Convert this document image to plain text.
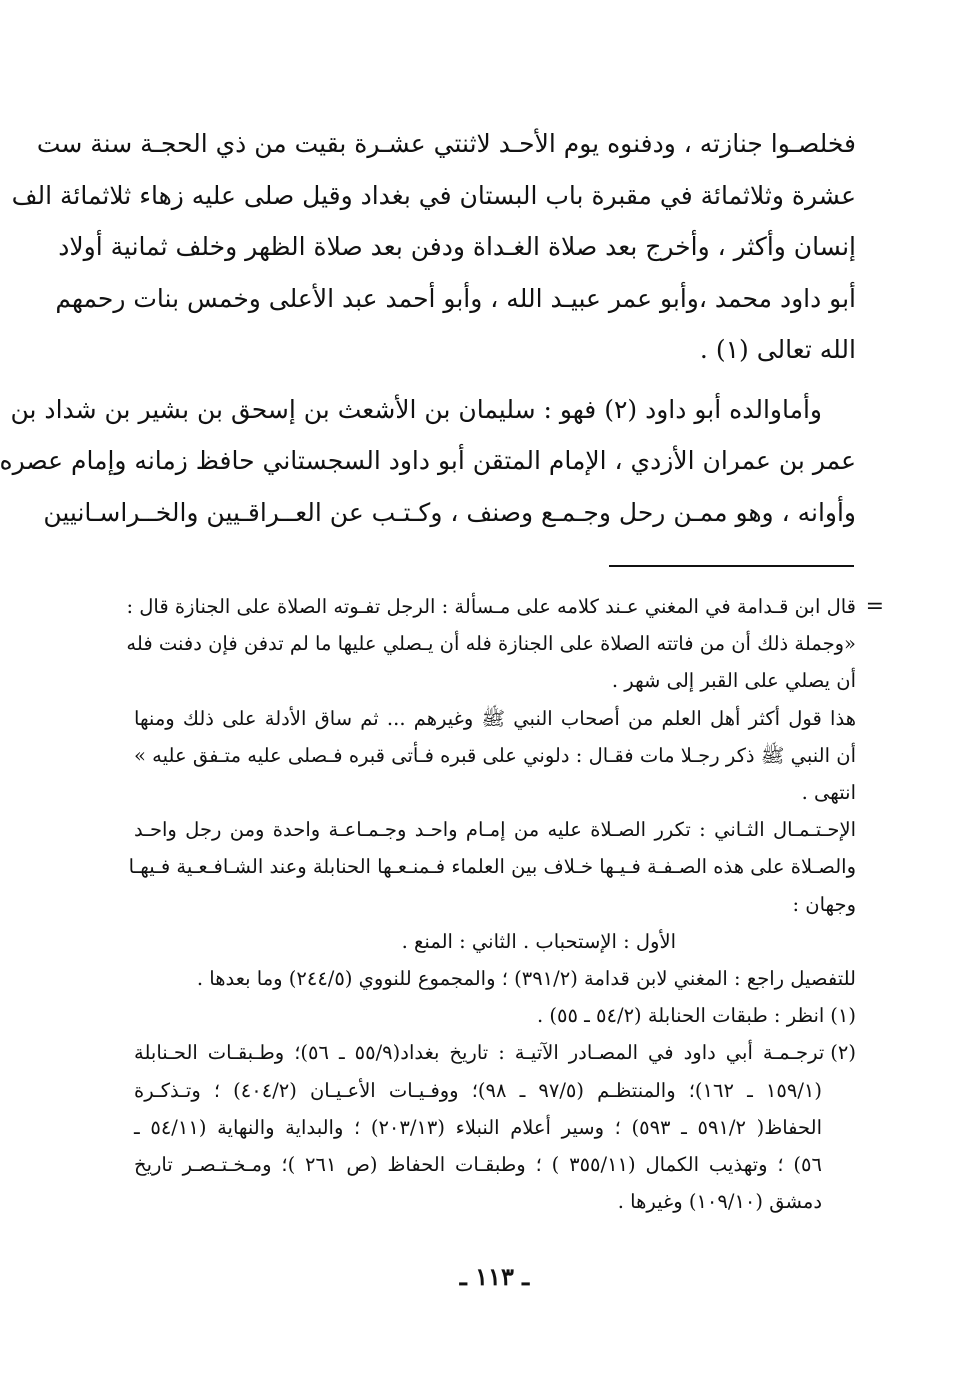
فخلصـوا جنازته ، ودفنوه يوم الأحـد لاثنتي عشـرة بقيت من ذي الحجـة سنة ست
عشرة وثلاثمائة في مقبرة باب البستان في بغداد وقيل صلى عليه زهاء ثلاثمائة الف
إنسان وأكثر ، وأخرج بعد صلاة الغـداة ودفن بعد صلاة الظهر وخلف ثمانية أولاد
أبو داود محمد ،وأبو عمر عبيـد الله ، وأبو أحمد عبد الأعلى وخمس بنات رحمهم
الله تعالى (١) .

وأماوالده أبو داود (٢) فهو : سليمان بن الأشعث بن إسحق بن بشير بن شداد بن
عمر بن عمران الأزدي ، الإمام المتقن أبو داود السجستاني حافظ زمانه وإمام عصره
وأوانه ، وهو ممـن رحل وجـمـع وصنف ، وكـتـب عن العــراقـيين والخــراسـانيين

=
قال ابن قـدامة في المغني عـند كلامه على مـسألة : الرجل تفـوته الصلاة على الجنازة قال :
«وجملة ذلك أن من فاتته الصلاة على الجنازة فله أن يـصلي عليها ما لم تدفن فإن دفنت فله
أن يصلي على القبر إلى شهر .
هذا قول أكثر أهل العلم من أصحاب النبي ﷺ وغيرهم ... ثم ساق الأدلة على ذلك ومنها
أن النبي ﷺ ذكر رجـلا مات فقـال : دلوني على قبره فـأتى قبره فـصلى عليه متـفق عليه »
انتهى .
الإحـتـمـال الثـاني : تكرر الصـلاة عليه من إمـام واحـد وجـمـاعـة واحدة ومن رجل واحـد
والصـلاة على هذه الصـفـة فـيـها خـلاف بين العلماء فـمنـعـها الحنابلة وعند الشـافـعـية فـيهـا
وجهان :
الأول : الإستحباب . الثاني : المنع .
للتفصيل راجع : المغني لابن قدامة (٣٩١/٢) ؛ والمجموع للنووي (٢٤٤/٥) وما بعدها .
(١)انظر : طبقات الحنابلة (٥٤/٢ ـ ٥٥) .
(٢)ترجـمـة أبي داود في المصـادر الآتيـة : تاريخ بغداد(٥٥/٩ ـ ٥٦)؛ وطـبقـات الحـنابلة
(١٥٩/١ ـ ١٦٢)؛ والمنتظـم (٩٧/٥ ـ ٩٨)؛ ووفـيـات الأعـيـان (٤٠٤/٢) ؛ وتـذكـرة
الحفاظ( ٥٩١/٢ ـ ٥٩٣) ؛ وسير أعلام النبلاء (٢٠٣/١٣) ؛ والبداية والنهاية (٥٤/١١ ـ
٥٦) ؛ وتهذيب الكمال (٣٥٥/١١ ) ؛ وطبقـات الحفاظ (ص ٢٦١ )؛ ومـخـتـصـر تاريخ
دمشق (١٠٩/١٠) وغيرها .
ـ ١١٣ ـ
